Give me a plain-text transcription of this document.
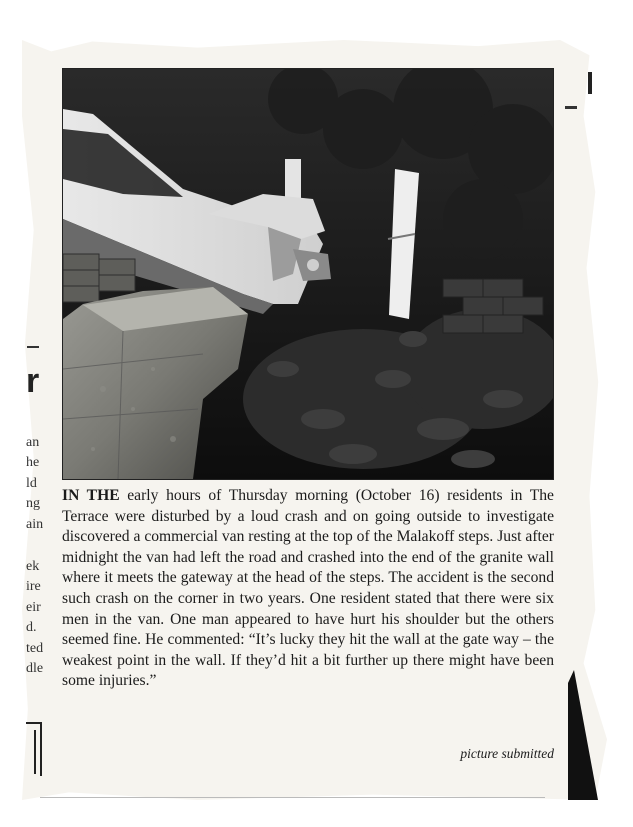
r
an
he
ld
ng
ain
ek
ire
eir
d.
ted
dle
IN THE early hours of Thursday morning (October 16) residents in The Terrace were disturbed by a loud crash and on going outside to investigate discovered a commercial van resting at the top of the Malakoff steps. Just after midnight the van had left the road and crashed into the end of the granite wall where it meets the gateway at the head of the steps. The accident is the second such crash on the corner in two years. One resident stated that there were six men in the van. One man appeared to have hurt his shoulder but the others seemed fine. He commented: “It’s lucky they hit the wall at the gate way – the weakest point in the wall. If they’d hit a bit further up there might have been some injuries.”
picture submitted
